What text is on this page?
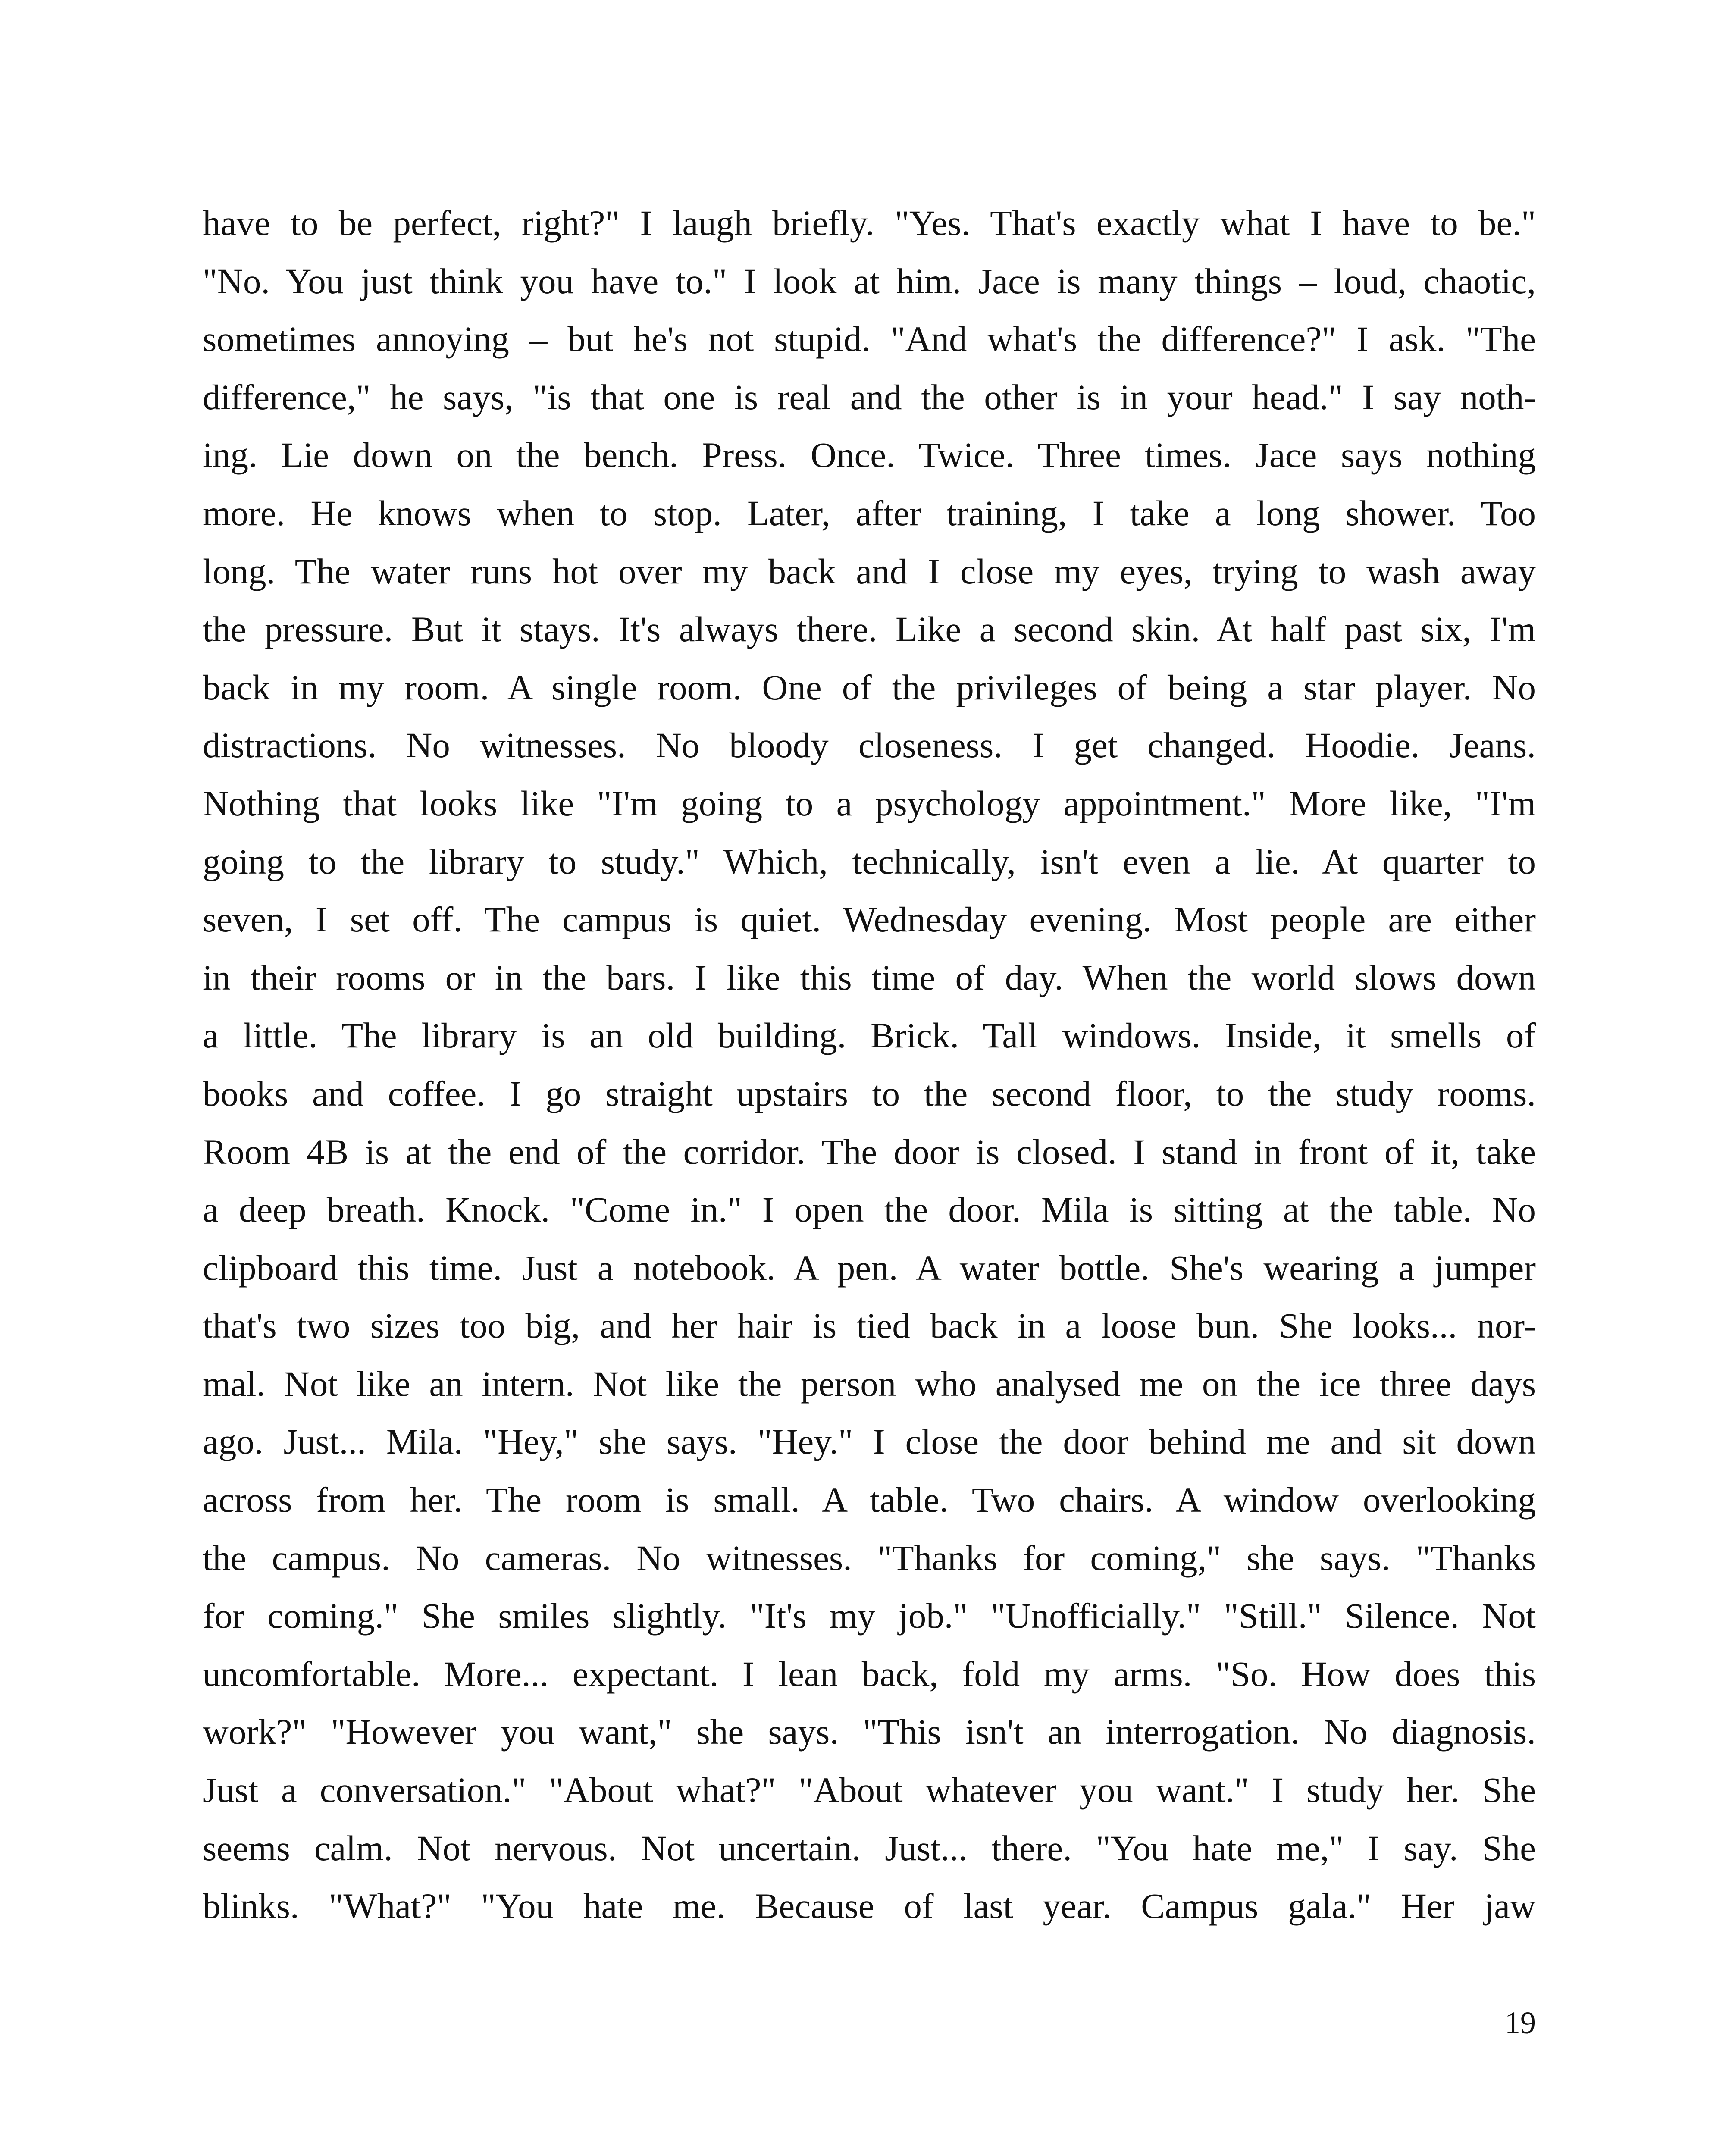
have to be perfect, right?" I laugh briefly. "Yes. That's exactly what I have to be."
"No. You just think you have to." I look at him. Jace is many things – loud, chaotic,
sometimes annoying – but he's not stupid. "And what's the difference?" I ask. "The
difference," he says, "is that one is real and the other is in your head." I say noth-
ing. Lie down on the bench. Press. Once. Twice. Three times. Jace says nothing
more. He knows when to stop. Later, after training, I take a long shower. Too
long. The water runs hot over my back and I close my eyes, trying to wash away
the pressure. But it stays. It's always there. Like a second skin. At half past six, I'm
back in my room. A single room. One of the privileges of being a star player. No
distractions. No witnesses. No bloody closeness. I get changed. Hoodie. Jeans.
Nothing that looks like "I'm going to a psychology appointment." More like, "I'm
going to the library to study." Which, technically, isn't even a lie. At quarter to
seven, I set off. The campus is quiet. Wednesday evening. Most people are either
in their rooms or in the bars. I like this time of day. When the world slows down
a little. The library is an old building. Brick. Tall windows. Inside, it smells of
books and coffee. I go straight upstairs to the second floor, to the study rooms.
Room 4B is at the end of the corridor. The door is closed. I stand in front of it, take
a deep breath. Knock. "Come in." I open the door. Mila is sitting at the table. No
clipboard this time. Just a notebook. A pen. A water bottle. She's wearing a jumper
that's two sizes too big, and her hair is tied back in a loose bun. She looks... nor-
mal. Not like an intern. Not like the person who analysed me on the ice three days
ago. Just... Mila. "Hey," she says. "Hey." I close the door behind me and sit down
across from her. The room is small. A table. Two chairs. A window overlooking
the campus. No cameras. No witnesses. "Thanks for coming," she says. "Thanks
for coming." She smiles slightly. "It's my job." "Unofficially." "Still." Silence. Not
uncomfortable. More... expectant. I lean back, fold my arms. "So. How does this
work?" "However you want," she says. "This isn't an interrogation. No diagnosis.
Just a conversation." "About what?" "About whatever you want." I study her. She
seems calm. Not nervous. Not uncertain. Just... there. "You hate me," I say. She
blinks. "What?" "You hate me. Because of last year. Campus gala." Her jaw
19
